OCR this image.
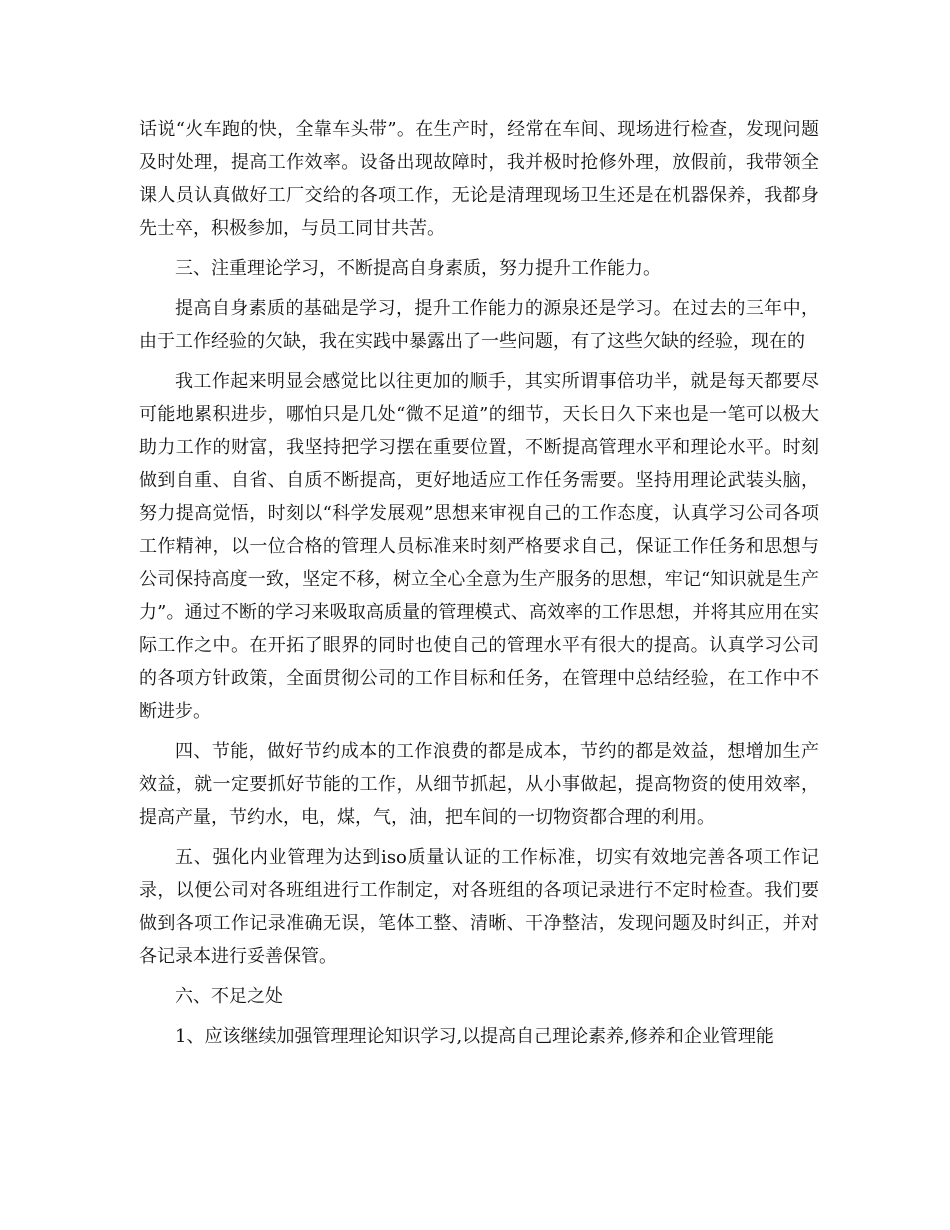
话说“火车跑的快，全靠车头带”。在生产时，经常在车间、现场进行检查，发现问题及时处理，提高工作效率。设备出现故障时，我并极时抢修外理，放假前，我带领全课人员认真做好工厂交给的各项工作，无论是清理现场卫生还是在机器保养，我都身先士卒，积极参加，与员工同甘共苦。

三、注重理论学习，不断提高自身素质，努力提升工作能力。

提高自身素质的基础是学习，提升工作能力的源泉还是学习。在过去的三年中，由于工作经验的欠缺，我在实践中暴露出了一些问题，有了这些欠缺的经验，现在的

我工作起来明显会感觉比以往更加的顺手，其实所谓事倍功半，就是每天都要尽可能地累积进步，哪怕只是几处“微不足道”的细节，天长日久下来也是一笔可以极大助力工作的财富，我坚持把学习摆在重要位置，不断提高管理水平和理论水平。时刻做到自重、自省、自质不断提高，更好地适应工作任务需要。坚持用理论武装头脑，努力提高觉悟，时刻以“科学发展观”思想来审视自己的工作态度，认真学习公司各项工作精神，以一位合格的管理人员标准来时刻严格要求自己，保证工作任务和思想与公司保持高度一致，坚定不移，树立全心全意为生产服务的思想，牢记“知识就是生产力”。通过不断的学习来吸取高质量的管理模式、高效率的工作思想，并将其应用在实际工作之中。在开拓了眼界的同时也使自己的管理水平有很大的提高。认真学习公司的各项方针政策，全面贯彻公司的工作目标和任务，在管理中总结经验，在工作中不断进步。

四、节能，做好节约成本的工作浪费的都是成本，节约的都是效益，想增加生产效益，就一定要抓好节能的工作，从细节抓起，从小事做起，提高物资的使用效率，提高产量，节约水，电，煤，气，油，把车间的一切物资都合理的利用。

五、强化内业管理为达到iso质量认证的工作标准，切实有效地完善各项工作记录，以便公司对各班组进行工作制定，对各班组的各项记录进行不定时检查。我们要做到各项工作记录准确无误，笔体工整、清晰、干净整洁，发现问题及时纠正，并对各记录本进行妥善保管。

六、不足之处

1、应该继续加强管理理论知识学习,以提高自己理论素养,修养和企业管理能
